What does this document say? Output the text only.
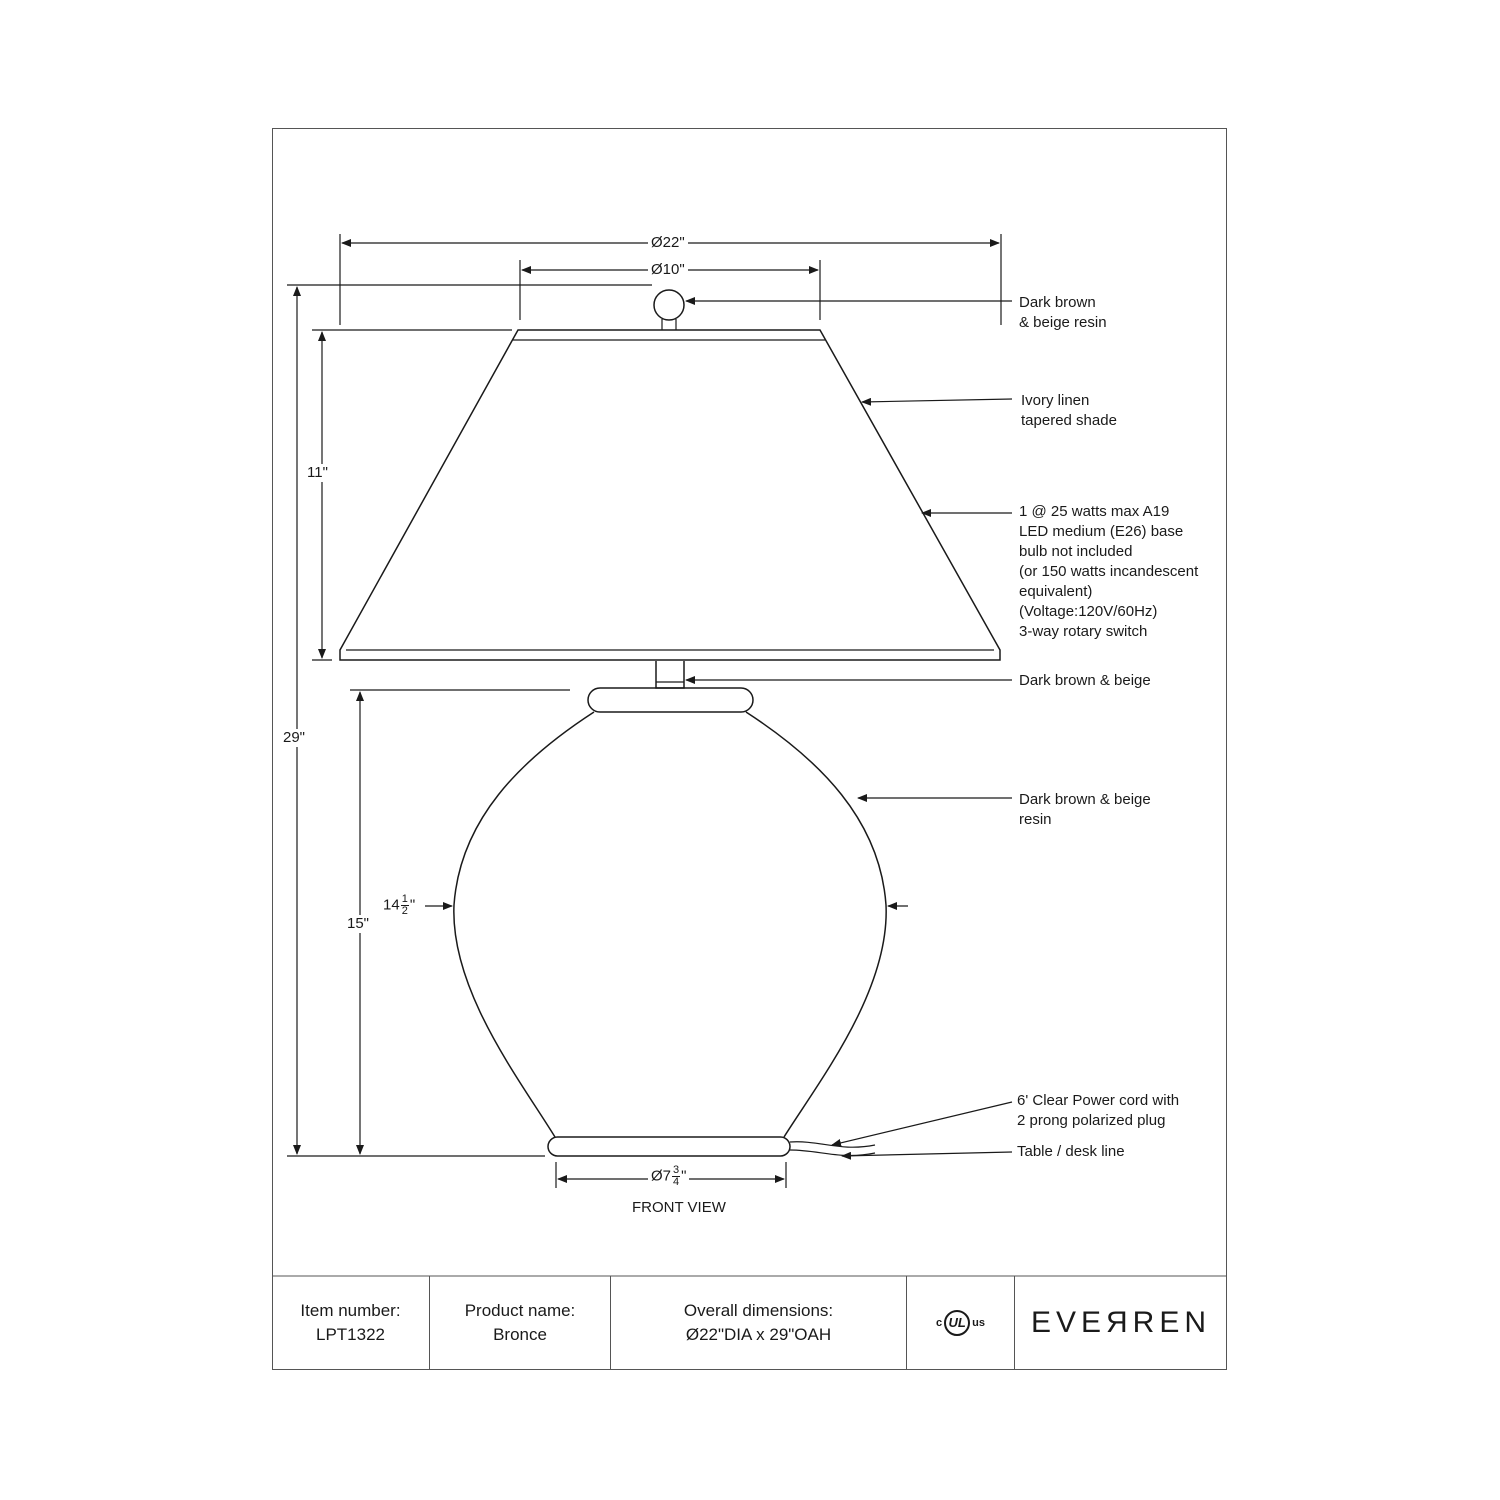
Ø22"
Ø10"
11"
29"
15"
$14 \frac{1}{2}$ "
Ø7 $\frac{3}{4}$ "
FRONT VIEW
Dark brown
& beige resin
Ivory linen
tapered shade
1 @ 25 watts max A19
LED medium (E26) base
bulb not included
(or 150 watts incandescent
equivalent)
(Voltage:120V/60Hz)
3-way rotary switch
Dark brown & beige
Dark brown & beige
resin
6' Clear Power cord with
2 prong polarized plug
Table / desk line
Item number:
LPT1322
Product name:
Bronce
Overall dimensions:
Ø22"DIA x 29"OAH
c UL us EVEЯREN
